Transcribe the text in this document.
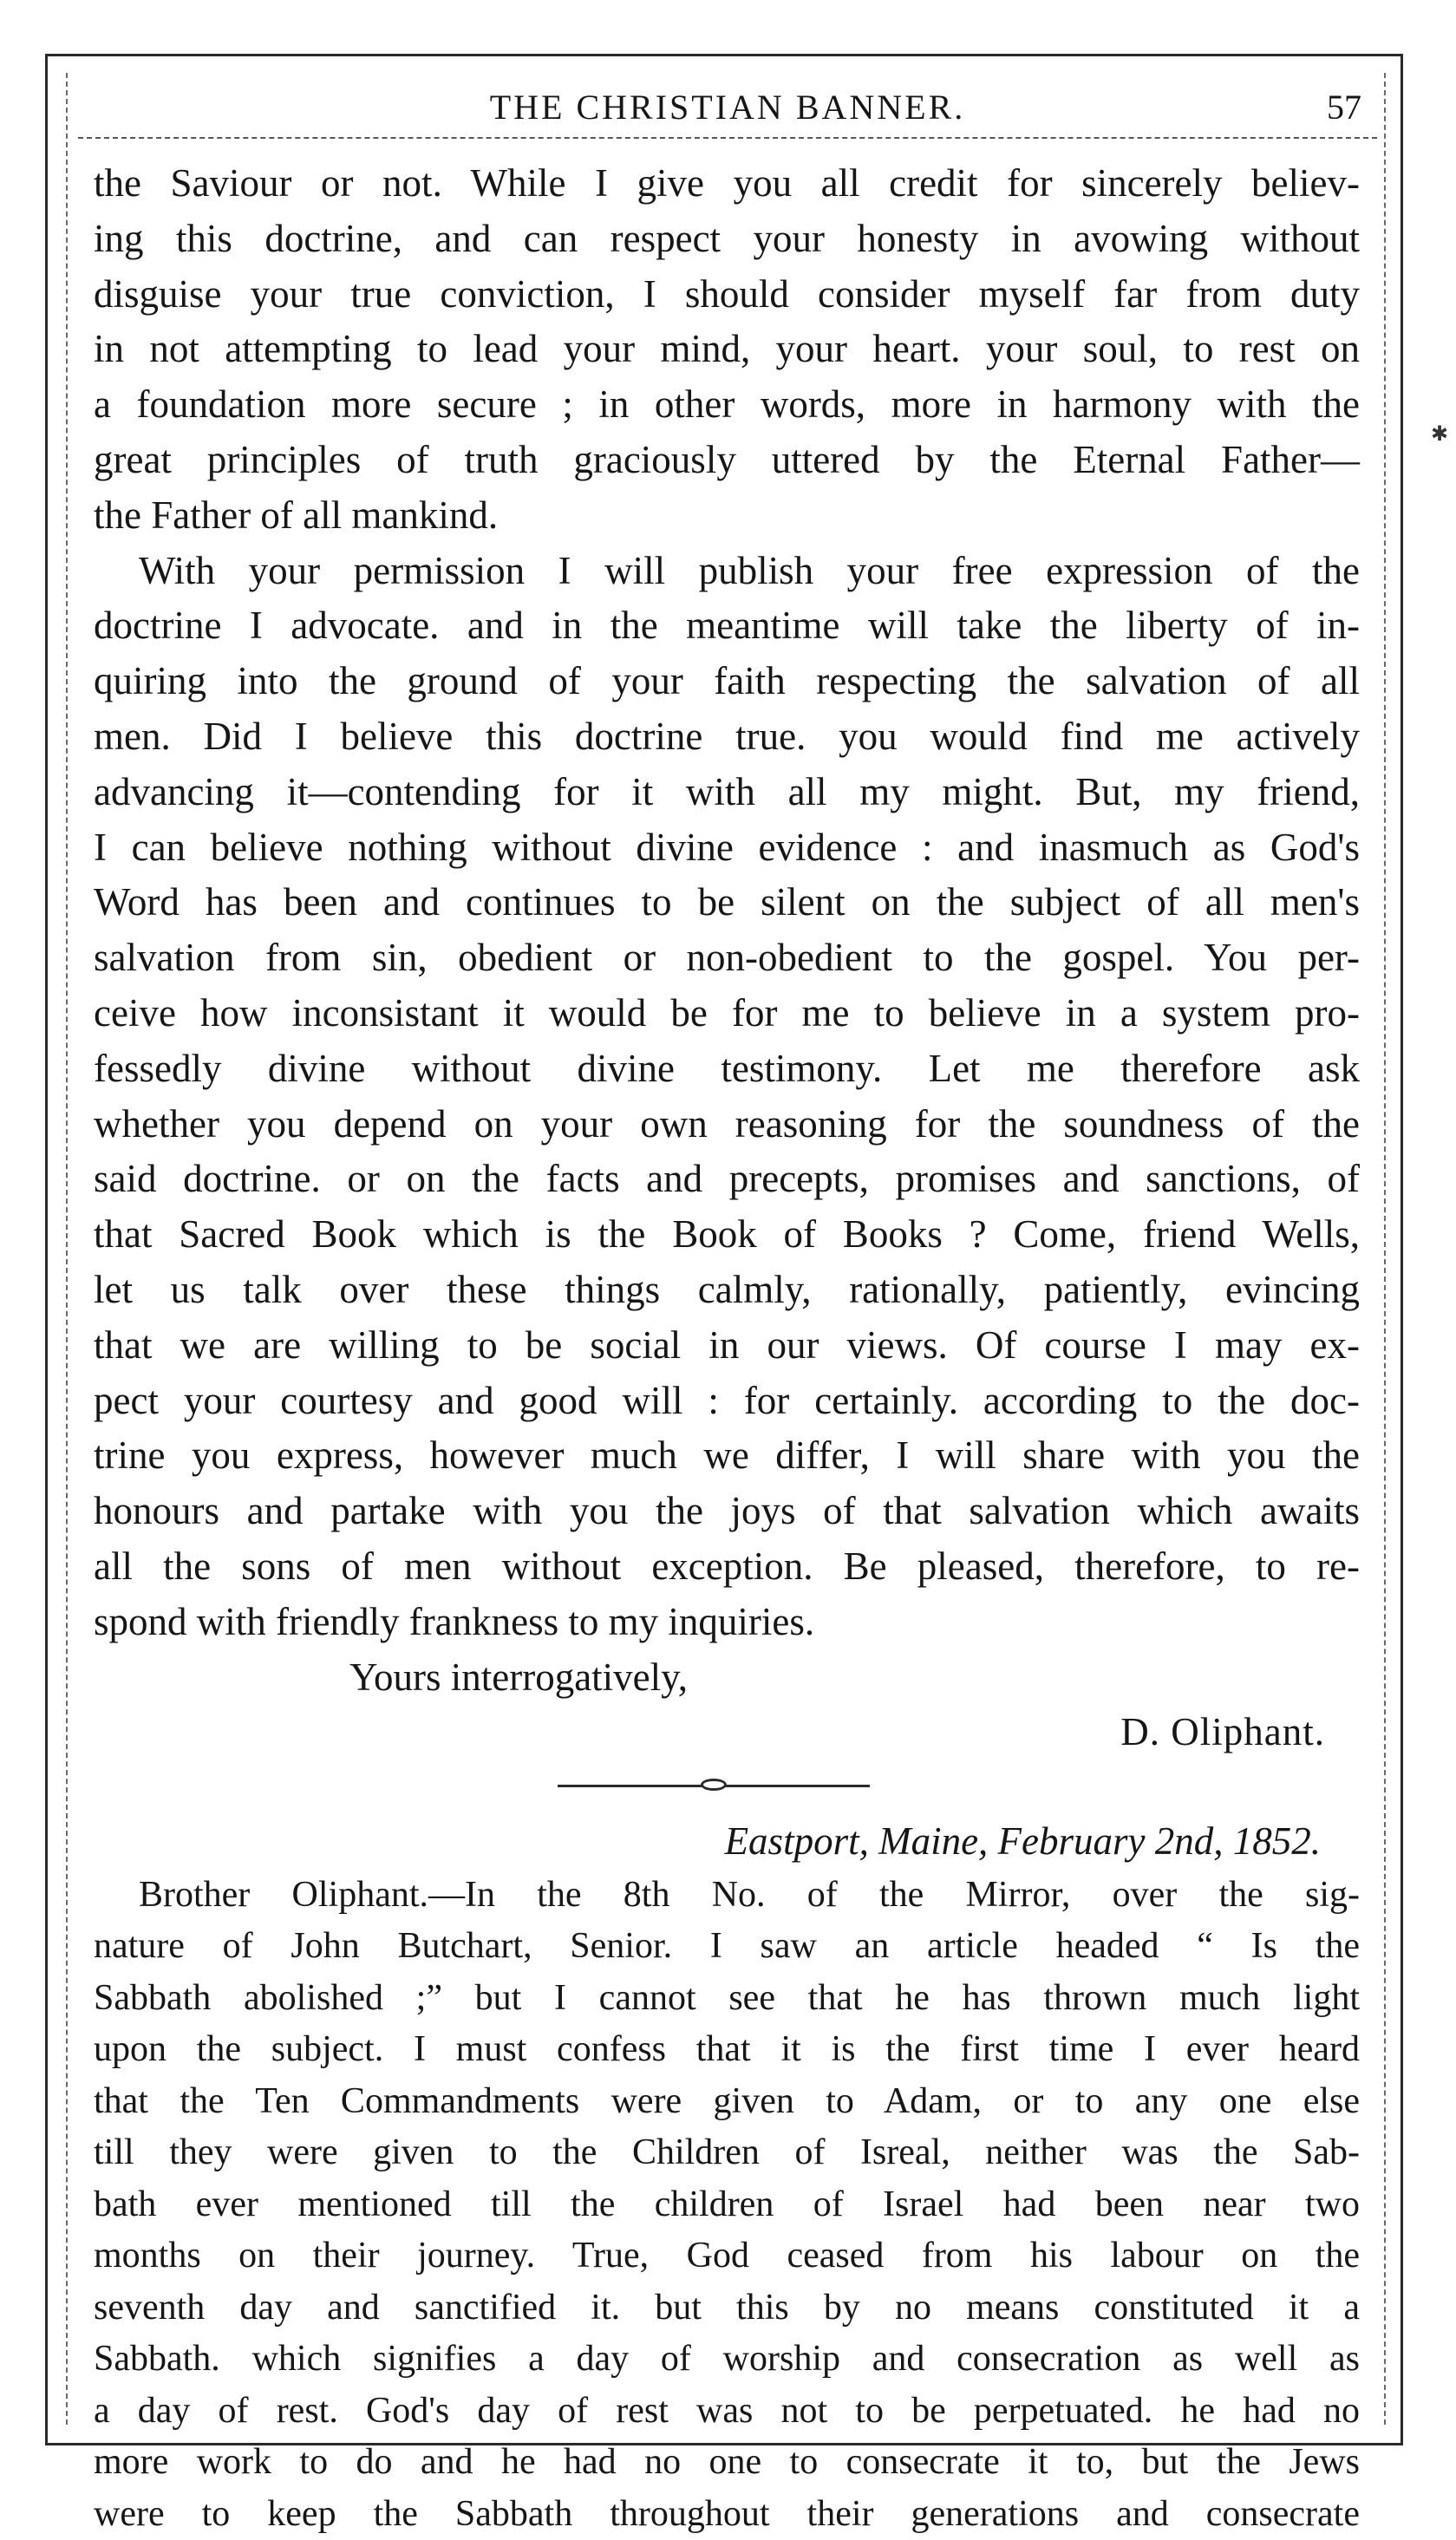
✱
THE CHRISTIAN BANNER.	57
the Saviour or not. While I give you all credit for sincerely believ-
ing this doctrine, and can respect your honesty in avowing without
disguise your true conviction, I should consider myself far from duty
in not attempting to lead your mind, your heart. your soul, to rest on
a foundation more secure ; in other words, more in harmony with the
great principles of truth graciously uttered by the Eternal Father—
the Father of all mankind.
With your permission I will publish your free expression of the
doctrine I advocate. and in the meantime will take the liberty of in-
quiring into the ground of your faith respecting the salvation of all
men. Did I believe this doctrine true. you would find me actively
advancing it—contending for it with all my might. But, my friend,
I can believe nothing without divine evidence : and inasmuch as God's
Word has been and continues to be silent on the subject of all men's
salvation from sin, obedient or non-obedient to the gospel. You per-
ceive how inconsistant it would be for me to believe in a system pro-
fessedly divine without divine testimony. Let me therefore ask
whether you depend on your own reasoning for the soundness of the
said doctrine. or on the facts and precepts, promises and sanctions, of
that Sacred Book which is the Book of Books ? Come, friend Wells,
let us talk over these things calmly, rationally, patiently, evincing
that we are willing to be social in our views. Of course I may ex-
pect your courtesy and good will : for certainly. according to the doc-
trine you express, however much we differ, I will share with you the
honours and partake with you the joys of that salvation which awaits
all the sons of men without exception. Be pleased, therefore, to re-
spond with friendly frankness to my inquiries.
Yours interrogatively,
D. Oliphant.
Eastport, Maine, February 2nd, 1852.
Brother Oliphant.—In the 8th No. of the Mirror, over the sig-
nature of John Butchart, Senior. I saw an article headed “ Is the
Sabbath abolished ;” but I cannot see that he has thrown much light
upon the subject. I must confess that it is the first time I ever heard
that the Ten Commandments were given to Adam, or to any one else
till they were given to the Children of Isreal, neither was the Sab-
bath ever mentioned till the children of Israel had been near two
months on their journey. True, God ceased from his labour on the
seventh day and sanctified it. but this by no means constituted it a
Sabbath. which signifies a day of worship and consecration as well as
a day of rest. God's day of rest was not to be perpetuated. he had no
more work to do and he had no one to consecrate it to, but the Jews
were to keep the Sabbath throughout their generations and consecrate
